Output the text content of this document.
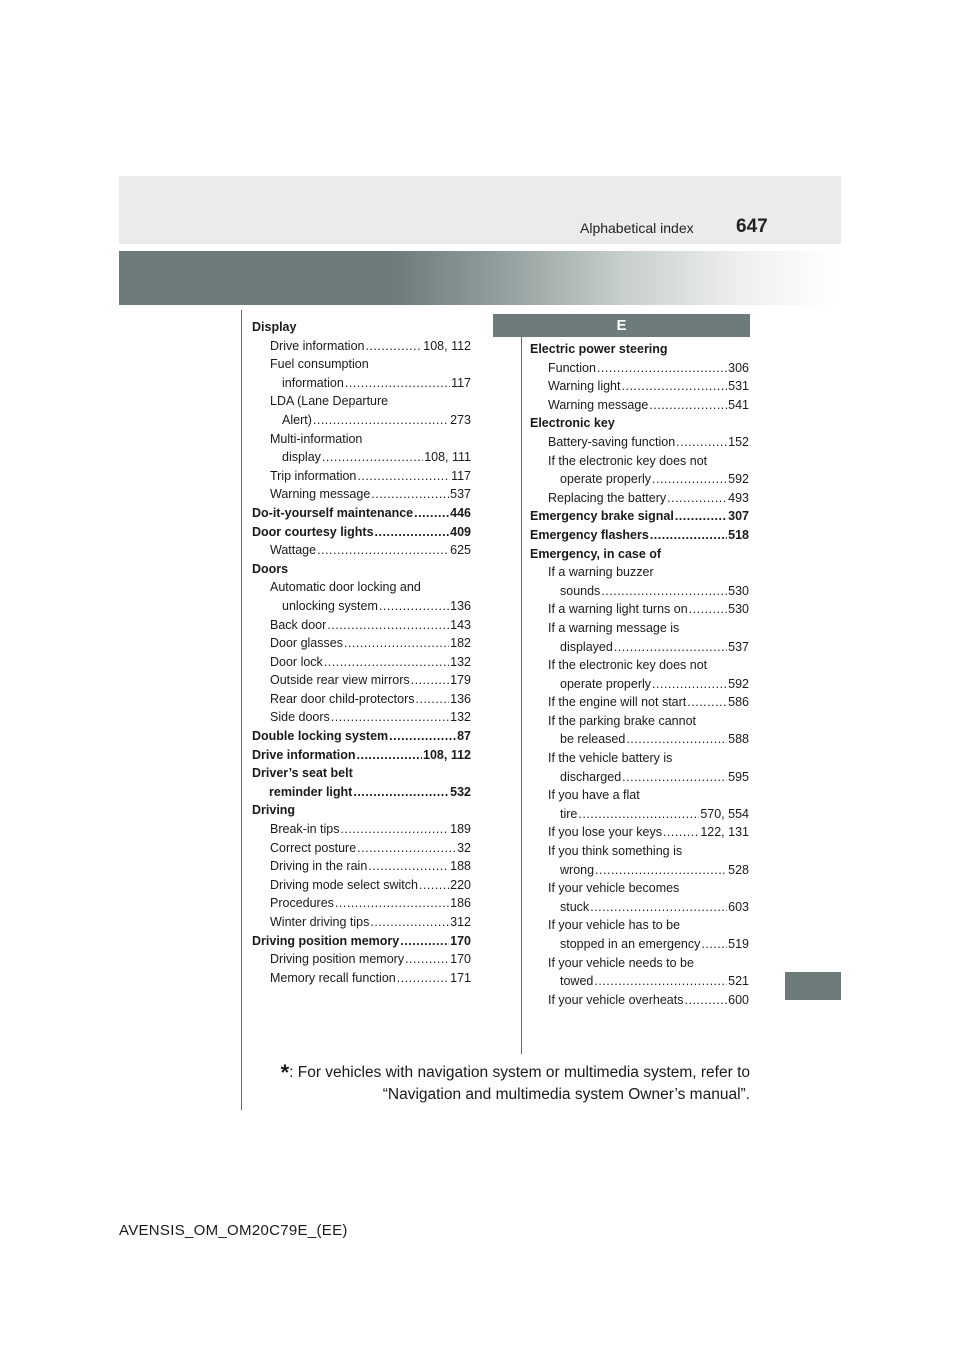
Alphabetical index 647
Display
Drive information .....	108, 112
Fuel consumption
information .....	117
LDA (Lane Departure
Alert) .....	273
Multi-information
display .....	108, 111
Trip information .....	117
Warning message .....	537
Do-it-yourself maintenance .....	446
Door courtesy lights .....	409
Wattage .....	625
Doors
Automatic door locking and
unlocking system .....	136
Back door .....	143
Door glasses .....	182
Door lock .....	132
Outside rear view mirrors .....	179
Rear door child-protectors .....	136
Side doors .....	132
Double locking system .....	87
Drive information .....	108, 112
Driver’s seat belt
reminder light .....	532
Driving
Break-in tips .....	189
Correct posture .....	32
Driving in the rain .....	188
Driving mode select switch .....	220
Procedures .....	186
Winter driving tips .....	312
Driving position memory .....	170
Driving position memory .....	170
Memory recall function .....	171
E
Electric power steering
Function .....	306
Warning light .....	531
Warning message .....	541
Electronic key
Battery-saving function .....	152
If the electronic key does not
operate properly .....	592
Replacing the battery .....	493
Emergency brake signal .....	307
Emergency flashers .....	518
Emergency, in case of
If a warning buzzer
sounds .....	530
If a warning light turns on .....	530
If a warning message is
displayed .....	537
If the electronic key does not
operate properly .....	592
If the engine will not start .....	586
If the parking brake cannot
be released .....	588
If the vehicle battery is
discharged .....	595
If you have a flat
tire .....	570, 554
If you lose your keys .....	122, 131
If you think something is
wrong .....	528
If your vehicle becomes
stuck .....	603
If your vehicle has to be
stopped in an emergency ..... 519
If your vehicle needs to be
towed .....	521
If your vehicle overheats .....	600
*: For vehicles with navigation system or multimedia system, refer to
“Navigation and multimedia system Owner’s manual”.
AVENSIS_OM_OM20C79E_(EE)
